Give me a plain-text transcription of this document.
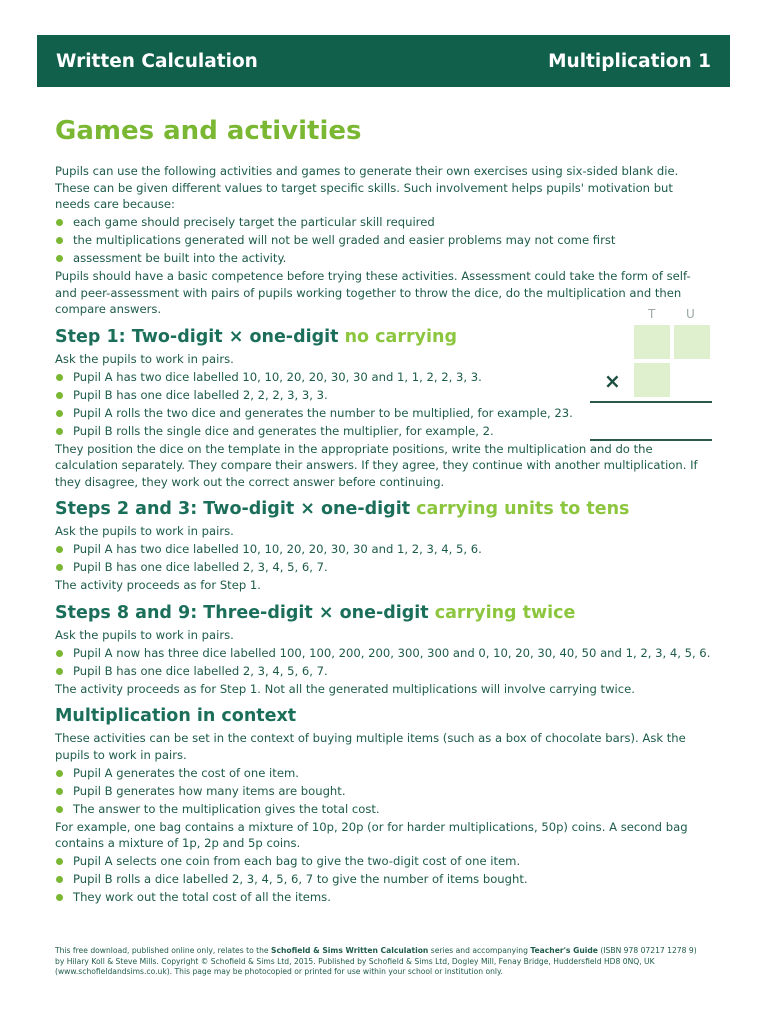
Written Calculation	Multiplication 1
T	U
×
Games and activities

Pupils can use the following activities and games to generate their own exercises using six-sided blank die. These can be given different values to target specific skills. Such involvement helps pupils' motivation but needs care because:

each game should precisely target the particular skill required
the multiplications generated will not be well graded and easier problems may not come first
assessment be built into the activity.

Pupils should have a basic competence before trying these activities. Assessment could take the form of self- and peer-assessment with pairs of pupils working together to throw the dice, do the multiplication and then compare answers.

Step 1: Two-digit × one-digit no carrying

Ask the pupils to work in pairs.

Pupil A has two dice labelled 10, 10, 20, 20, 30, 30 and 1, 1, 2, 2, 3, 3.
Pupil B has one dice labelled 2, 2, 2, 3, 3, 3.
Pupil A rolls the two dice and generates the number to be multiplied, for example, 23.
Pupil B rolls the single dice and generates the multiplier, for example, 2.

They position the dice on the template in the appropriate positions, write the multiplication and do the calculation separately. They compare their answers. If they agree, they continue with another multiplication. If they disagree, they work out the correct answer before continuing.

Steps 2 and 3: Two-digit × one-digit carrying units to tens

Ask the pupils to work in pairs.

Pupil A has two dice labelled 10, 10, 20, 20, 30, 30 and 1, 2, 3, 4, 5, 6.
Pupil B has one dice labelled 2, 3, 4, 5, 6, 7.

The activity proceeds as for Step 1.

Steps 8 and 9: Three-digit × one-digit carrying twice

Ask the pupils to work in pairs.

Pupil A now has three dice labelled 100, 100, 200, 200, 300, 300 and 0, 10, 20, 30, 40, 50 and 1, 2, 3, 4, 5, 6.
Pupil B has one dice labelled 2, 3, 4, 5, 6, 7.

The activity proceeds as for Step 1. Not all the generated multiplications will involve carrying twice.

Multiplication in context

These activities can be set in the context of buying multiple items (such as a box of chocolate bars). Ask the pupils to work in pairs.

Pupil A generates the cost of one item.
Pupil B generates how many items are bought.
The answer to the multiplication gives the total cost.

For example, one bag contains a mixture of 10p, 20p (or for harder multiplications, 50p) coins. A second bag contains a mixture of 1p, 2p and 5p coins.

Pupil A selects one coin from each bag to give the two-digit cost of one item.
Pupil B rolls a dice labelled 2, 3, 4, 5, 6, 7 to give the number of items bought.
They work out the total cost of all the items.
This free download, published online only, relates to the Schofield & Sims Written Calculation series and accompanying Teacher's Guide (ISBN 978 07217 1278 9)
by Hilary Koll & Steve Mills. Copyright © Schofield & Sims Ltd, 2015. Published by Schofield & Sims Ltd, Dogley Mill, Fenay Bridge, Huddersfield HD8 0NQ, UK
(www.schofieldandsims.co.uk). This page may be photocopied or printed for use within your school or institution only.
